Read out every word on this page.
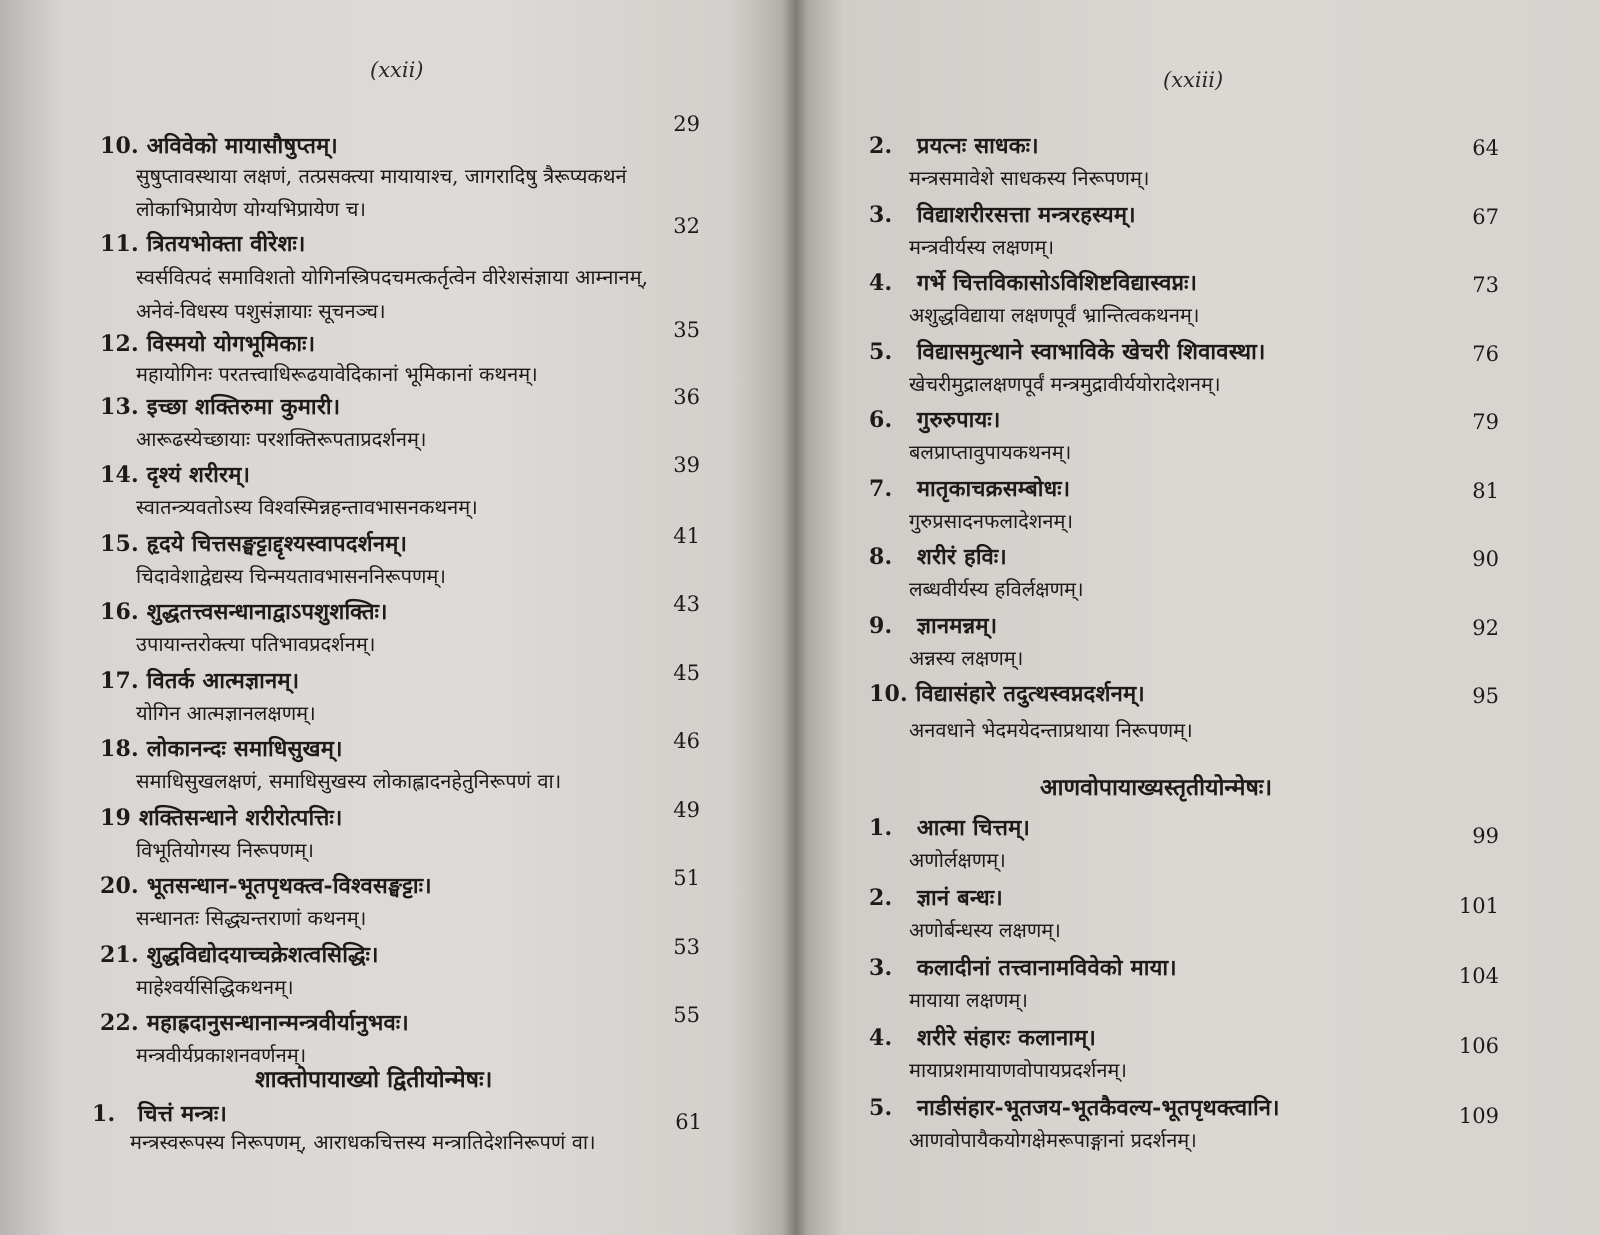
(xxii)
10. अविवेको मायासौषुप्तम्।
सुषुप्तावस्थाया लक्षणं, तत्प्रसक्त्या मायायाश्च, जागरादिषु त्रैरूप्यकथनं लोकाभिप्रायेण योग्यभिप्रायेण च।
29
11. त्रितयभोक्ता वीरेशः।
स्वर्सवित्पदं समाविशतो योगिनस्त्रिपदचमत्कर्तृत्वेन वीरेशसंज्ञाया आम्नानम्, अनेवं-विधस्य पशुसंज्ञायाः सूचनञ्च।
32
12. विस्मयो योगभूमिकाः।
महायोगिनः परतत्त्वाधिरूढयावेदिकानां भूमिकानां कथनम्।
35
13. इच्छा शक्तिरुमा कुमारी।
आरूढस्येच्छायाः परशक्तिरूपताप्रदर्शनम्।
36
14. दृश्यं शरीरम्।
स्वातन्त्र्यवतोऽस्य विश्वस्मिन्नहन्तावभासनकथनम्।
39
15. हृदये चित्तसङ्घट्टाद्दृश्यस्वापदर्शनम्।
चिदावेशाद्वेद्यस्य चिन्मयतावभासननिरूपणम्।
41
16. शुद्धतत्त्वसन्धानाद्वाऽपशुशक्तिः।
उपायान्तरोक्त्या पतिभावप्रदर्शनम्।
43
17. वितर्क आत्मज्ञानम्।
योगिन आत्मज्ञानलक्षणम्।
45
18. लोकानन्दः समाधिसुखम्।
समाधिसुखलक्षणं, समाधिसुखस्य लोकाह्लादनहेतुनिरूपणं वा।
46
19 शक्तिसन्धाने शरीरोत्पत्तिः।
विभूतियोगस्य निरूपणम्।
49
20. भूतसन्धान-भूतपृथक्त्व-विश्वसङ्घट्टाः।
सन्धानतः सिद्ध्यन्तराणां कथनम्।
51
21. शुद्धविद्योदयाच्चक्रेशत्वसिद्धिः।
माहेश्वर्यसिद्धिकथनम्।
53
22. महाह्रदानुसन्धानान्मन्त्रवीर्यानुभवः।
मन्त्रवीर्यप्रकाशनवर्णनम्।
55
शाक्तोपायाख्यो द्वितीयोन्मेषः।
1. चित्तं मन्त्रः।
मन्त्रस्वरूपस्य निरूपणम्, आराधकचित्तस्य मन्त्रातिदेशनिरूपणं वा।
61
(xxiii)
2. प्रयत्नः साधकः।
मन्त्रसमावेशे साधकस्य निरूपणम्।
64
3. विद्याशरीरसत्ता मन्त्ररहस्यम्।
मन्त्रवीर्यस्य लक्षणम्।
67
4. गर्भे चित्तविकासोऽविशिष्टविद्यास्वप्नः।
अशुद्धविद्याया लक्षणपूर्वं भ्रान्तित्वकथनम्।
73
5. विद्यासमुत्थाने स्वाभाविके खेचरी शिवावस्था।
खेचरीमुद्रालक्षणपूर्वं मन्त्रमुद्रावीर्ययोरादेशनम्।
76
6. गुरुरुपायः।
बलप्राप्तावुपायकथनम्।
79
7. मातृकाचक्रसम्बोधः।
गुरुप्रसादनफलादेशनम्।
81
8. शरीरं हविः।
लब्धवीर्यस्य हविर्लक्षणम्।
90
9. ज्ञानमन्नम्।
अन्नस्य लक्षणम्।
92
10. विद्यासंहारे तदुत्थस्वप्नदर्शनम्।
अनवधाने भेदमयेदन्ताप्रथाया निरूपणम्।
95
आणवोपायाख्यस्तृतीयोन्मेषः।
1. आत्मा चित्तम्।
अणोर्लक्षणम्।
99
2. ज्ञानं बन्धः।
अणोर्बन्धस्य लक्षणम्।
101
3. कलादीनां तत्त्वानामविवेको माया।
मायाया लक्षणम्।
104
4. शरीरे संहारः कलानाम्।
मायाप्रशमायाणवोपायप्रदर्शनम्।
106
5. नाडीसंहार-भूतजय-भूतकैवल्य-भूतपृथक्त्वानि।
आणवोपायैकयोगक्षेमरूपाङ्गानां प्रदर्शनम्।
109
